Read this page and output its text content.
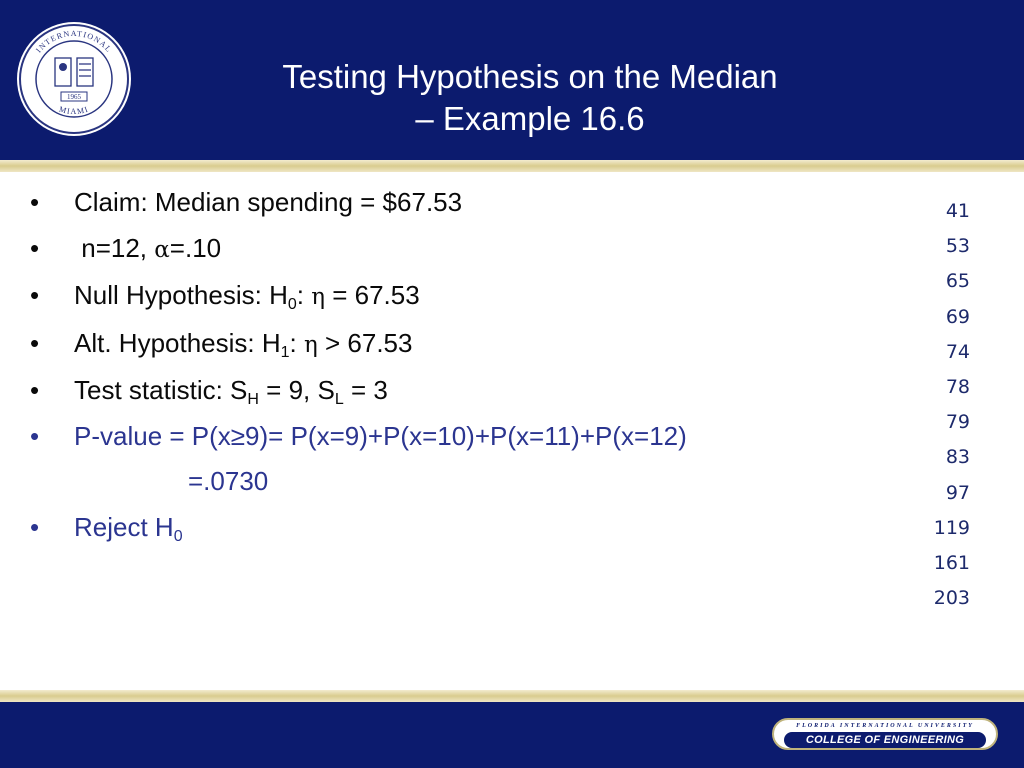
INTERNATIONAL
MIAMI
1965
Testing Hypothesis on the Median
– Example 16.6
• Claim: Median spending = $67.53
• n=12, α=.10
• Null Hypothesis: $H_0$: η = 67.53
• Alt. Hypothesis: $H_1$: η > 67.53
• Test statistic: $S_H = 9$, $S_L = 3$
• P-value = P(x≥9)= P(x=9)+P(x=10)+P(x=11)+P(x=12)
=.0730
• Reject $H_0$
41
53
65
69
74
78
79
83
97
119
161
203
FLORIDA INTERNATIONAL UNIVERSITY
COLLEGE OF ENGINEERING
